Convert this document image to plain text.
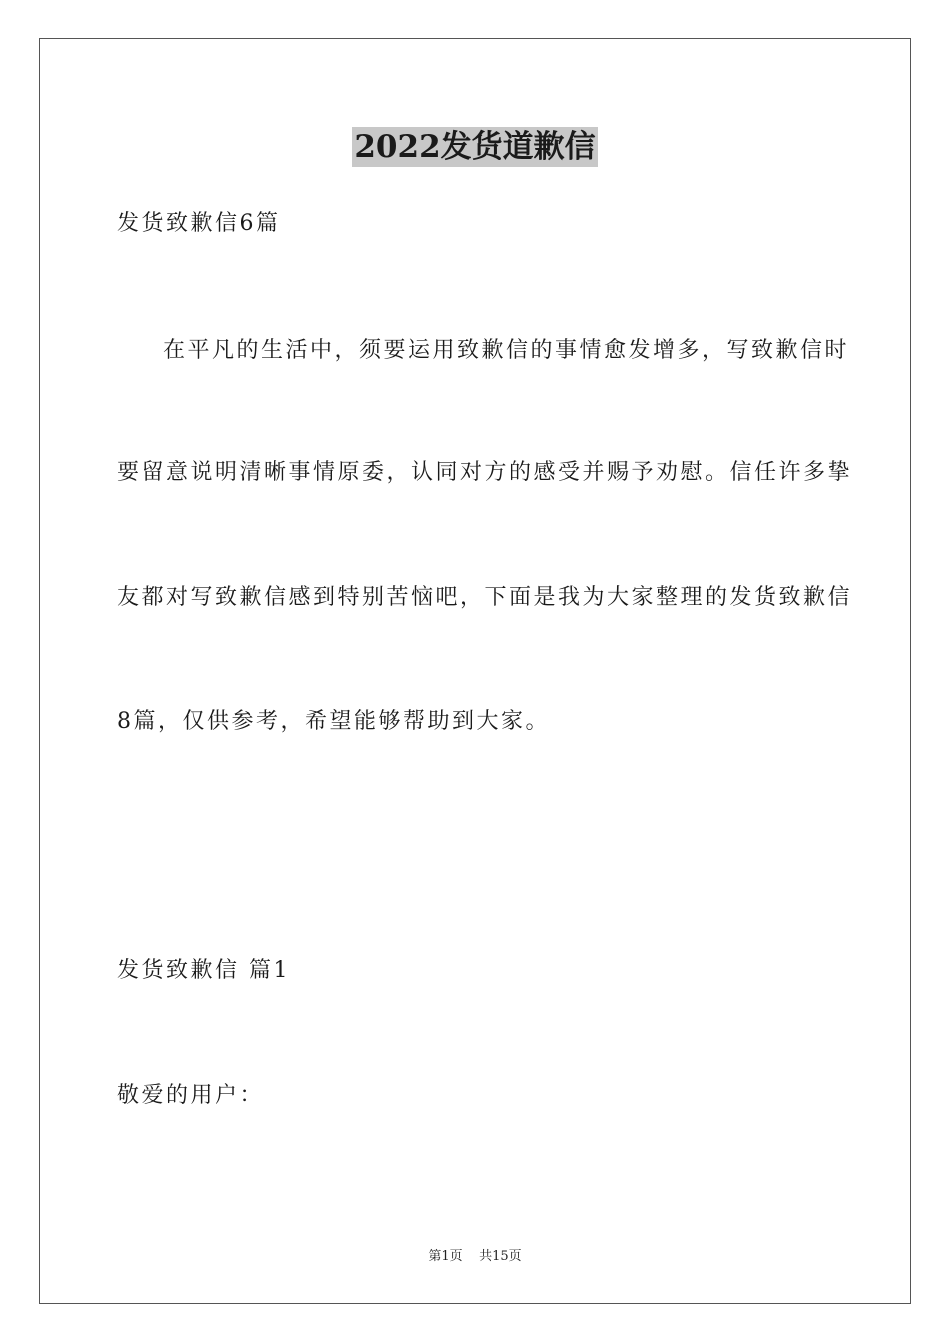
2022发货道歉信
发货致歉信6篇
在平凡的生活中，须要运用致歉信的事情愈发增多，写致歉信时
要留意说明清晰事情原委，认同对方的感受并赐予劝慰。信任许多挚
友都对写致歉信感到特别苦恼吧，下面是我为大家整理的发货致歉信
8篇，仅供参考，希望能够帮助到大家。
发货致歉信 篇1
敬爱的用户：
第1页 共15页
